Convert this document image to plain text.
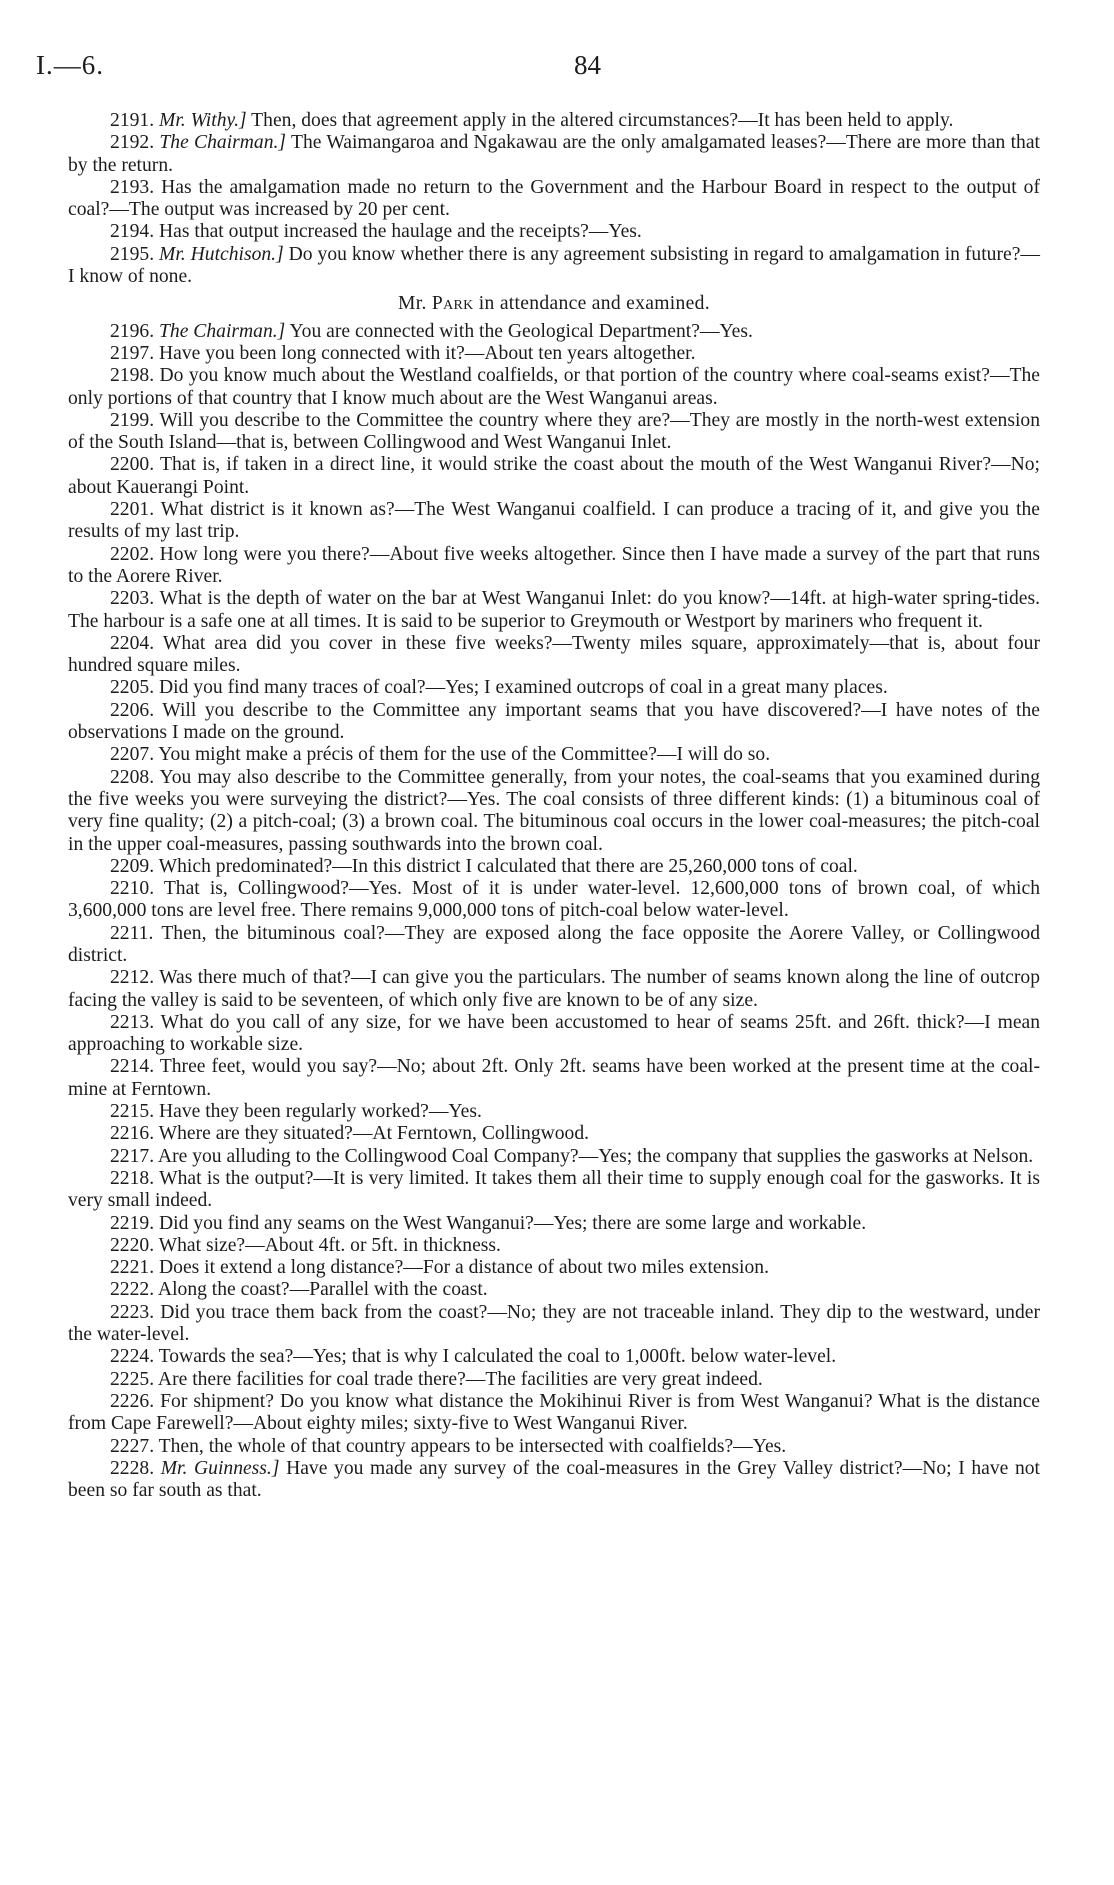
I.—6.	84

2191. Mr. Withy.] Then, does that agreement apply in the altered circumstances?—It has been held to apply.

2192. The Chairman.] The Waimangaroa and Ngakawau are the only amalgamated leases?—There are more than that by the return.

2193. Has the amalgamation made no return to the Government and the Harbour Board in respect to the output of coal?—The output was increased by 20 per cent.

2194. Has that output increased the haulage and the receipts?—Yes.

2195. Mr. Hutchison.] Do you know whether there is any agreement subsisting in regard to amalgamation in future?—I know of none.

Mr. Park in attendance and examined.

2196. The Chairman.] You are connected with the Geological Department?—Yes.

2197. Have you been long connected with it?—About ten years altogether.

2198. Do you know much about the Westland coalfields, or that portion of the country where coal-seams exist?—The only portions of that country that I know much about are the West Wanganui areas.

2199. Will you describe to the Committee the country where they are?—They are mostly in the north-west extension of the South Island—that is, between Collingwood and West Wanganui Inlet.

2200. That is, if taken in a direct line, it would strike the coast about the mouth of the West Wanganui River?—No; about Kauerangi Point.

2201. What district is it known as?—The West Wanganui coalfield. I can produce a tracing of it, and give you the results of my last trip.

2202. How long were you there?—About five weeks altogether. Since then I have made a survey of the part that runs to the Aorere River.

2203. What is the depth of water on the bar at West Wanganui Inlet: do you know?—14ft. at high-water spring-tides. The harbour is a safe one at all times. It is said to be superior to Greymouth or Westport by mariners who frequent it.

2204. What area did you cover in these five weeks?—Twenty miles square, approximately—that is, about four hundred square miles.

2205. Did you find many traces of coal?—Yes; I examined outcrops of coal in a great many places.

2206. Will you describe to the Committee any important seams that you have discovered?—I have notes of the observations I made on the ground.

2207. You might make a précis of them for the use of the Committee?—I will do so.

2208. You may also describe to the Committee generally, from your notes, the coal-seams that you examined during the five weeks you were surveying the district?—Yes. The coal consists of three different kinds: (1) a bituminous coal of very fine quality; (2) a pitch-coal; (3) a brown coal. The bituminous coal occurs in the lower coal-measures; the pitch-coal in the upper coal-measures, passing southwards into the brown coal.

2209. Which predominated?—In this district I calculated that there are 25,260,000 tons of coal.

2210. That is, Collingwood?—Yes. Most of it is under water-level. 12,600,000 tons of brown coal, of which 3,600,000 tons are level free. There remains 9,000,000 tons of pitch-coal below water-level.

2211. Then, the bituminous coal?—They are exposed along the face opposite the Aorere Valley, or Collingwood district.

2212. Was there much of that?—I can give you the particulars. The number of seams known along the line of outcrop facing the valley is said to be seventeen, of which only five are known to be of any size.

2213. What do you call of any size, for we have been accustomed to hear of seams 25ft. and 26ft. thick?—I mean approaching to workable size.

2214. Three feet, would you say?—No; about 2ft. Only 2ft. seams have been worked at the present time at the coal-mine at Ferntown.

2215. Have they been regularly worked?—Yes.

2216. Where are they situated?—At Ferntown, Collingwood.

2217. Are you alluding to the Collingwood Coal Company?—Yes; the company that supplies the gasworks at Nelson.

2218. What is the output?—It is very limited. It takes them all their time to supply enough coal for the gasworks. It is very small indeed.

2219. Did you find any seams on the West Wanganui?—Yes; there are some large and workable.

2220. What size?—About 4ft. or 5ft. in thickness.

2221. Does it extend a long distance?—For a distance of about two miles extension.

2222. Along the coast?—Parallel with the coast.

2223. Did you trace them back from the coast?—No; they are not traceable inland. They dip to the westward, under the water-level.

2224. Towards the sea?—Yes; that is why I calculated the coal to 1,000ft. below water-level.

2225. Are there facilities for coal trade there?—The facilities are very great indeed.

2226. For shipment? Do you know what distance the Mokihinui River is from West Wanganui? What is the distance from Cape Farewell?—About eighty miles; sixty-five to West Wanganui River.

2227. Then, the whole of that country appears to be intersected with coalfields?—Yes.

2228. Mr. Guinness.] Have you made any survey of the coal-measures in the Grey Valley district?—No; I have not been so far south as that.
